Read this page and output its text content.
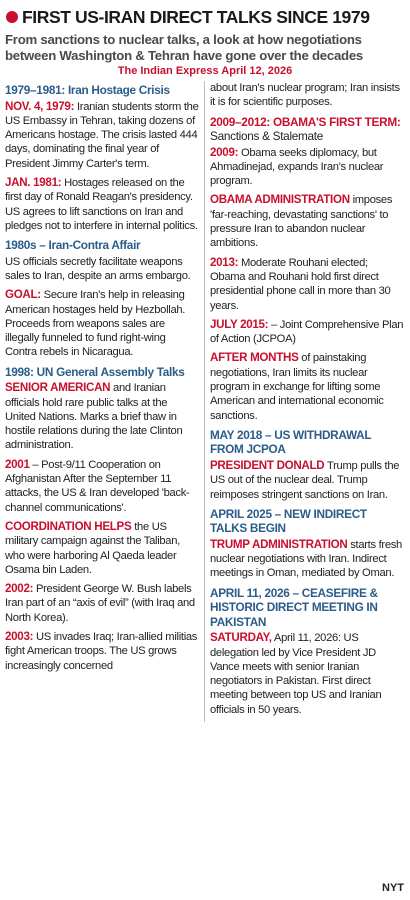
FIRST US-IRAN DIRECT TALKS SINCE 1979
From sanctions to nuclear talks, a look at how negotiations between Washington & Tehran have gone over the decades
The Indian Express April 12, 2026
1979–1981: Iran Hostage Crisis

NOV. 4, 1979: Iranian students storm the US Embassy in Tehran, taking dozens of Americans hostage. The crisis lasted 444 days, dominating the final year of President Jimmy Carter's term.

JAN. 1981: Hostages released on the first day of Ronald Reagan's presidency. US agrees to lift sanctions on Iran and pledges not to interfere in internal politics.

1980s – Iran-Contra Affair

US officials secretly facilitate weapons sales to Iran, despite an arms embargo.

GOAL: Secure Iran's help in releasing American hostages held by Hezbollah. Proceeds from weapons sales are illegally funneled to fund right-wing Contra rebels in Nicaragua.

1998: UN General Assembly Talks

SENIOR AMERICAN and Iranian officials hold rare public talks at the United Nations. Marks a brief thaw in hostile relations during the late Clinton administration.

2001 – Post-9/11 Cooperation on Afghanistan After the September 11 attacks, the US & Iran developed 'back-channel communications'.

COORDINATION HELPS the US military campaign against the Taliban, who were harboring Al Qaeda leader Osama bin Laden.

2002: President George W. Bush labels Iran part of an “axis of evil” (with Iraq and North Korea).

2003: US invades Iraq; Iran-allied militias fight American troops. The US grows increasingly concerned

about Iran's nuclear program; Iran insists it is for scientific purposes.

2009–2012: OBAMA'S FIRST TERM: Sanctions & Stalemate

2009: Obama seeks diplomacy, but Ahmadinejad, expands Iran's nuclear program.

OBAMA ADMINISTRATION imposes 'far-reaching, devastating sanctions' to pressure Iran to abandon nuclear ambitions.

2013: Moderate Rouhani elected; Obama and Rouhani hold first direct presidential phone call in more than 30 years.

JULY 2015: – Joint Comprehensive Plan of Action (JCPOA)

AFTER MONTHS of painstaking negotiations, Iran limits its nuclear program in exchange for lifting some American and international economic sanctions.

MAY 2018 – US WITHDRAWAL FROM JCPOA

PRESIDENT DONALD Trump pulls the US out of the nuclear deal. Trump reimposes stringent sanctions on Iran.

APRIL 2025 – NEW INDIRECT TALKS BEGIN

TRUMP ADMINISTRATION starts fresh nuclear negotiations with Iran. Indirect meetings in Oman, mediated by Oman.

APRIL 11, 2026 – CEASEFIRE & HISTORIC DIRECT MEETING IN PAKISTAN

SATURDAY, April 11, 2026: US delegation led by Vice President JD Vance meets with senior Iranian negotiators in Pakistan. First direct meeting between top US and Iranian officials in 50 years.

NYT
